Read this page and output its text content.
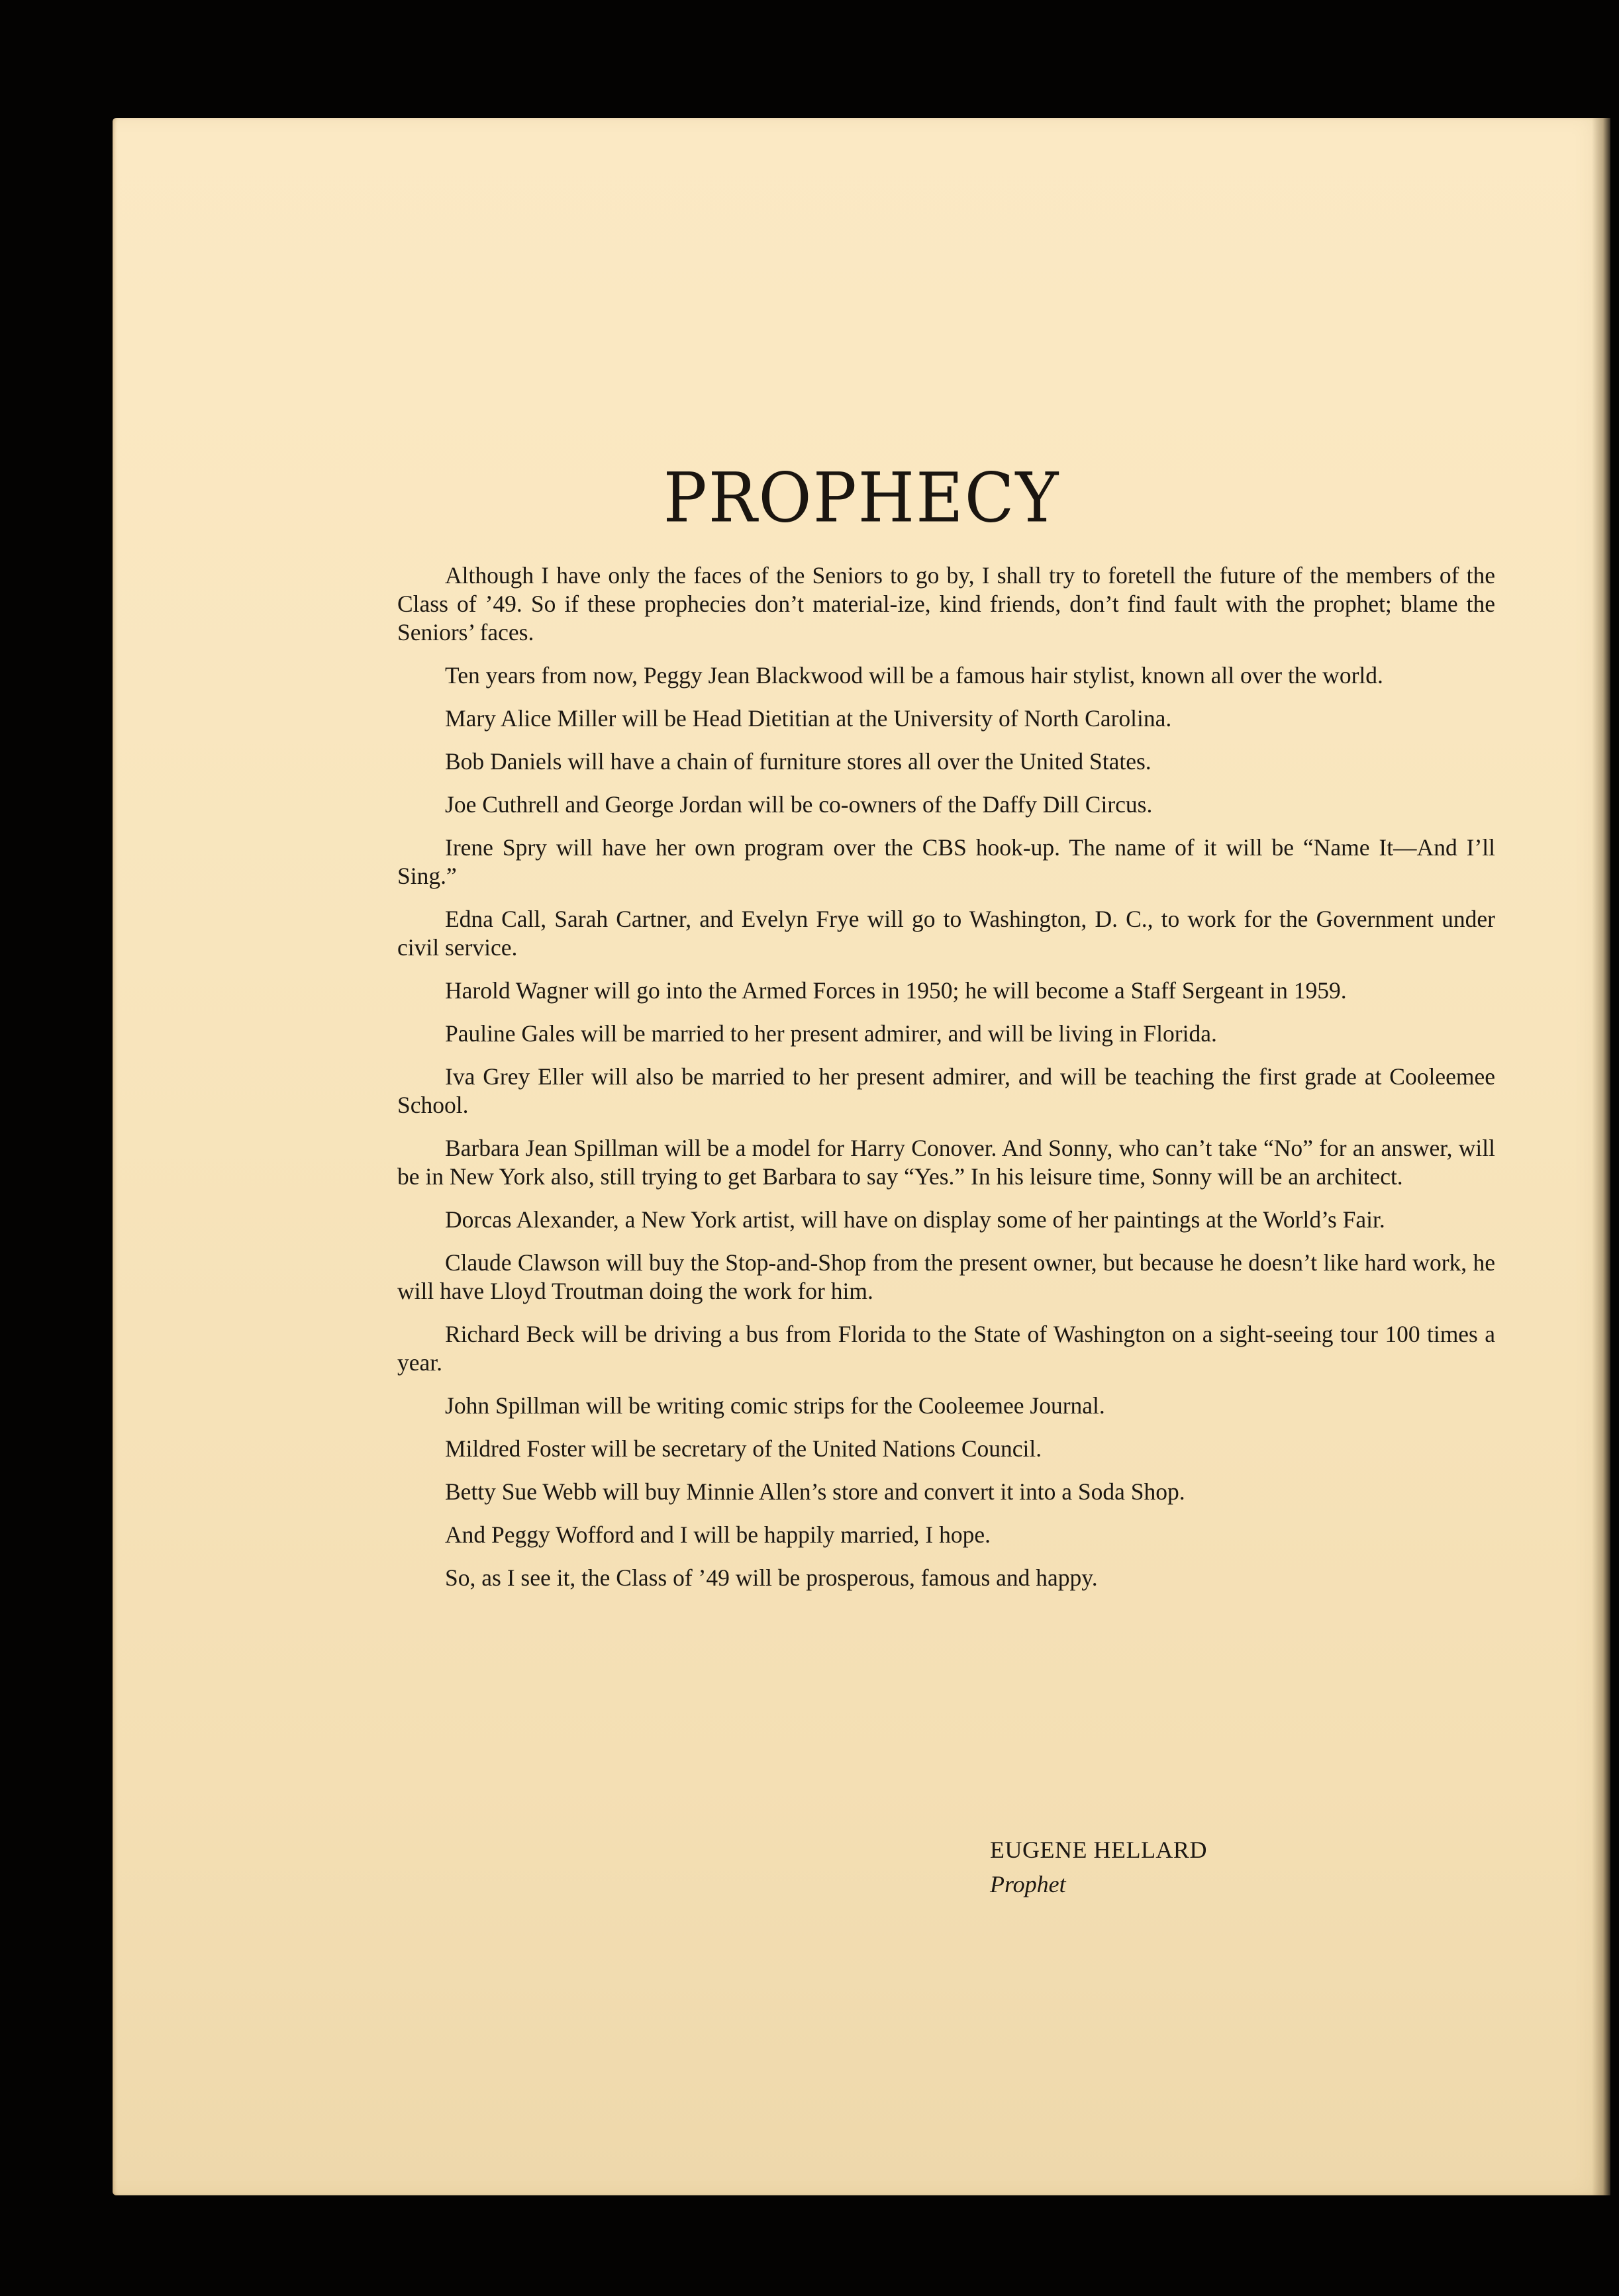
PROPHECY

Although I have only the faces of the Seniors to go by, I shall try to foretell the future of the members of the Class of ’49. So if these prophecies don’t material-ize, kind friends, don’t find fault with the prophet; blame the Seniors’ faces.

Ten years from now, Peggy Jean Blackwood will be a famous hair stylist, known all over the world.

Mary Alice Miller will be Head Dietitian at the University of North Carolina.

Bob Daniels will have a chain of furniture stores all over the United States.

Joe Cuthrell and George Jordan will be co-owners of the Daffy Dill Circus.

Irene Spry will have her own program over the CBS hook-up. The name of it will be “Name It—And I’ll Sing.”

Edna Call, Sarah Cartner, and Evelyn Frye will go to Washington, D. C., to work for the Government under civil service.

Harold Wagner will go into the Armed Forces in 1950; he will become a Staff Sergeant in 1959.

Pauline Gales will be married to her present admirer, and will be living in Florida.

Iva Grey Eller will also be married to her present admirer, and will be teaching the first grade at Cooleemee School.

Barbara Jean Spillman will be a model for Harry Conover. And Sonny, who can’t take “No” for an answer, will be in New York also, still trying to get Barbara to say “Yes.” In his leisure time, Sonny will be an architect.

Dorcas Alexander, a New York artist, will have on display some of her paintings at the World’s Fair.

Claude Clawson will buy the Stop-and-Shop from the present owner, but because he doesn’t like hard work, he will have Lloyd Troutman doing the work for him.

Richard Beck will be driving a bus from Florida to the State of Washington on a sight-seeing tour 100 times a year.

John Spillman will be writing comic strips for the Cooleemee Journal.

Mildred Foster will be secretary of the United Nations Council.

Betty Sue Webb will buy Minnie Allen’s store and convert it into a Soda Shop.

And Peggy Wofford and I will be happily married, I hope.

So, as I see it, the Class of ’49 will be prosperous, famous and happy.

EUGENE HELLARD
Prophet
